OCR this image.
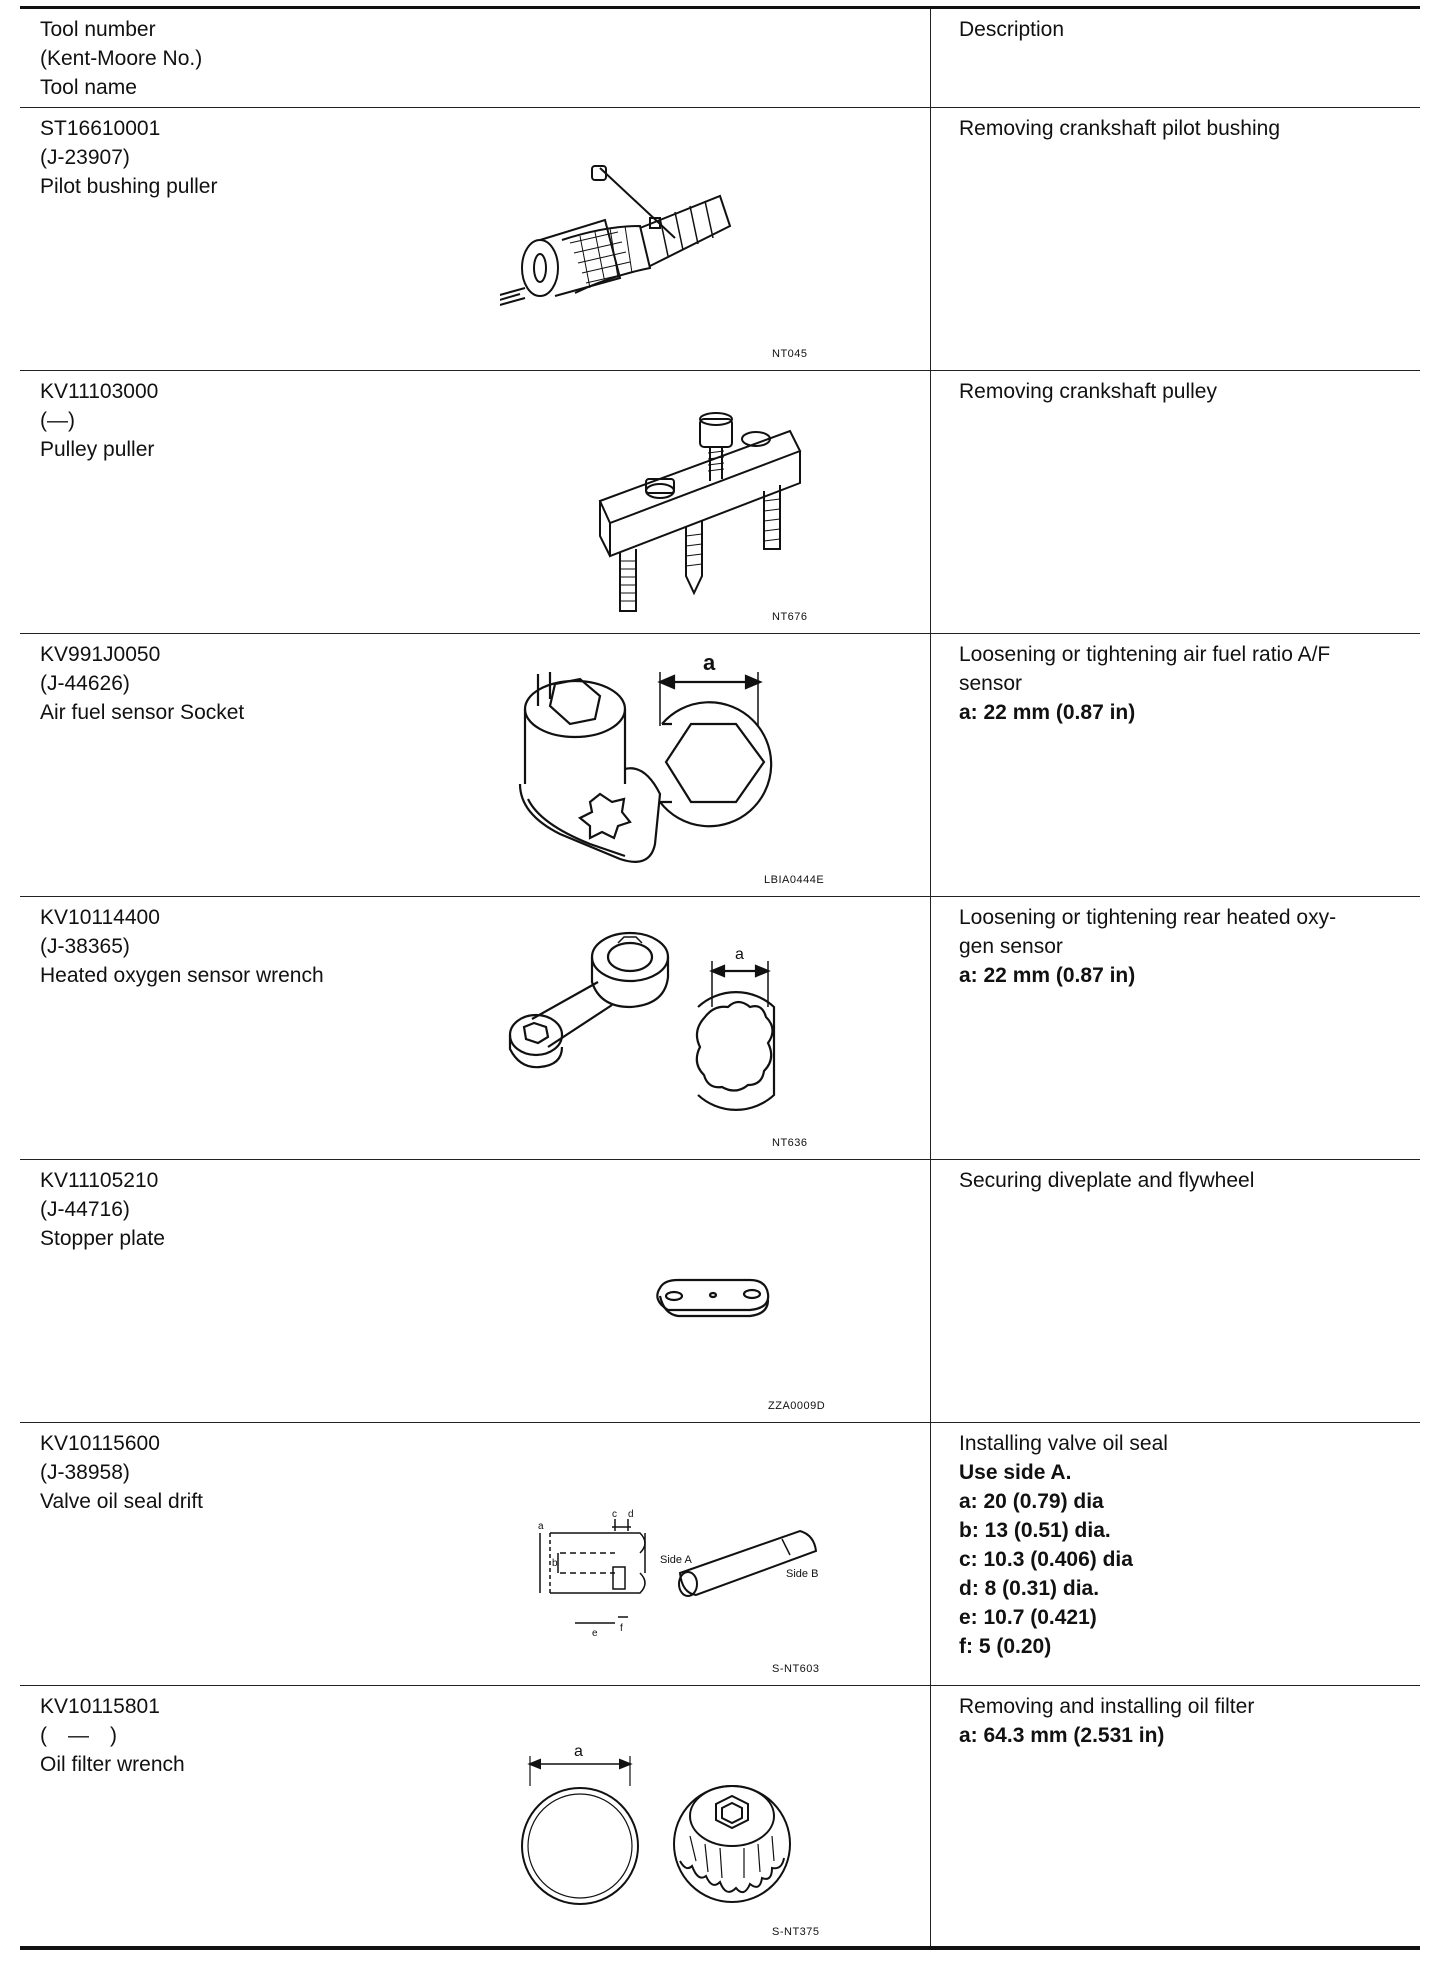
Tool number
(Kent-Moore No.)
Tool name
Description
ST16610001
(J-23907)
Pilot bushing puller
NT045
Removing crankshaft pilot bushing
KV11103000
(—)
Pulley puller
NT676
Removing crankshaft pulley
KV991J0050
(J-44626)
Air fuel sensor Socket
a
LBIA0444E
Loosening or tightening air fuel ratio A/F
sensor
a: 22 mm (0.87 in)
KV10114400
(J-38365)
Heated oxygen sensor wrench
a
NT636
Loosening or tightening rear heated oxy-
gen sensor
a: 22 mm (0.87 in)
KV11105210
(J-44716)
Stopper plate
ZZA0009D
Securing diveplate and flywheel
KV10115600
(J-38958)
Valve oil seal drift
a
b
c d
e f
Side A
Side B
S-NT603
Installing valve oil seal
Use side A.
a: 20 (0.79) dia
b: 13 (0.51) dia.
c: 10.3 (0.406) dia
d: 8 (0.31) dia.
e: 10.7 (0.421)
f: 5 (0.20)
KV10115801
(　—　)
Oil filter wrench
a
S-NT375
Removing and installing oil filter
a: 64.3 mm (2.531 in)
